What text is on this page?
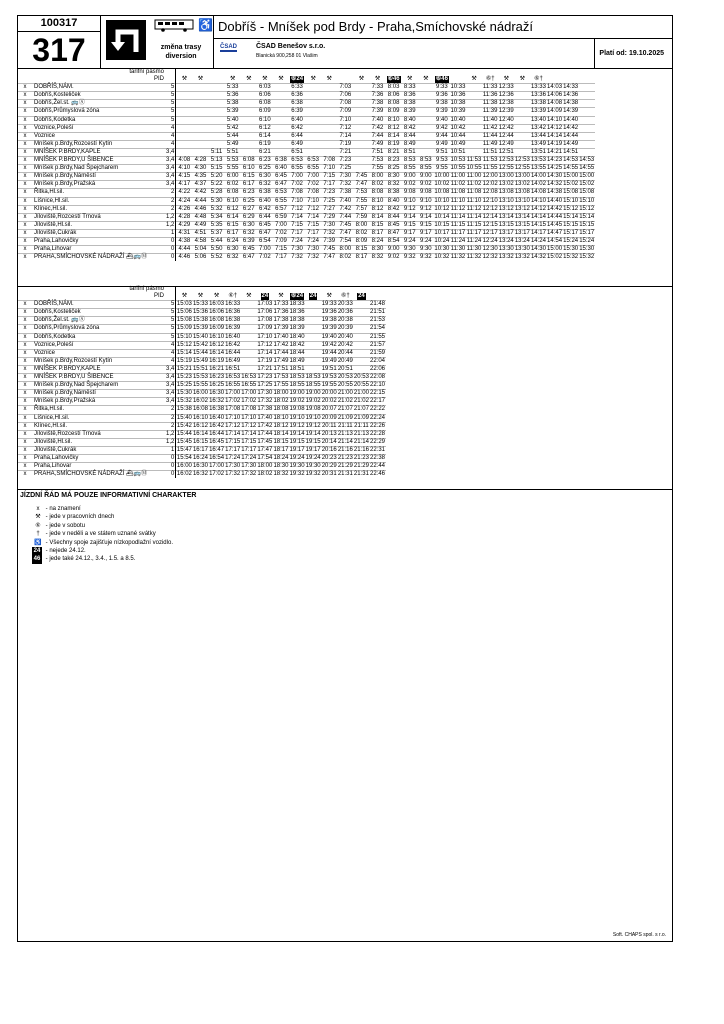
100317
317
♿
změna trasy
diversion
Dobříš - Mníšek pod Brdy - Praha,Smíchovské nádraží
ČSAD	ČSAD Benešov s.r.o.
Blanická 900,258 01 Vlašim	Platí od: 19.10.2025
	tarifní pásmo																											
	PID		⚒	⚒		⚒	⚒	⚒	⚒	⑥24	⚒	⚒		⚒	⚒	⑥46	⚒	⚒	⑥46		⚒	⑥†	⚒	⚒	⑥†			
x	DOBŘÍŠ,NÁM.	5				5:33		6:03		6:33			7:03		7:33	8:03	8:33		9:33	10:33		11:33	12:33		13:33	14:03	14:33	
x	Dobříš,Kosteliček	5				5:36		6:06		6:36			7:06		7:36	8:06	8:36		9:36	10:36		11:36	12:36		13:36	14:06	14:36	
x	Dobříš,Žel.st. 🚌Ⓢ	5				5:38		6:08		6:38			7:08		7:38	8:08	8:38		9:38	10:38		11:38	12:38		13:38	14:08	14:38	
x	Dobříš,Průmyslová zóna	5				5:39		6:09		6:39			7:09		7:39	8:09	8:39		9:39	10:39		11:39	12:39		13:39	14:09	14:39	
x	Dobříš,Kodetka	5				5:40		6:10		6:40			7:10		7:40	8:10	8:40		9:40	10:40		11:40	12:40		13:40	14:10	14:40	
x	Voznice,Poleší	4				5:42		6:12		6:42			7:12		7:42	8:12	8:42		9:42	10:42		11:42	12:42		13:42	14:12	14:42	
x	Voznice	4				5:44		6:14		6:44			7:14		7:44	8:14	8:44		9:44	10:44		11:44	12:44		13:44	14:14	14:44	
x	Mníšek p.Brdy,Rozcestí Kytín	4				5:49		6:19		6:49			7:19		7:49	8:19	8:49		9:49	10:49		11:49	12:49		13:49	14:19	14:49	
x	MNÍŠEK P.BRDY,KAPLE	3,4			5:11	5:51		6:21		6:51			7:21		7:51	8:21	8:51		9:51	10:51		11:51	12:51		13:51	14:21	14:51	
x	MNÍŠEK P.BRDY,U ŠIBENCE	3,4	4:08	4:28	5:13	5:53	6:08	6:23	6:38	6:53	6:53	7:08	7:23		7:53	8:23	8:53	8:53	9:53	10:53	11:53	11:53	12:53	12:53	13:53	14:23	14:53	14:53
x	Mníšek p.Brdy,Nad Špejcharem	3,4	4:10	4:30	5:15	5:55	6:10	6:25	6:40	6:55	6:55	7:10	7:25		7:55	8:25	8:55	8:55	9:55	10:55	10:55	11:55	12:55	12:55	13:55	14:25	14:55	14:55
x	Mníšek p.Brdy,Náměstí	3,4	4:15	4:35	5:20	6:00	6:15	6:30	6:45	7:00	7:00	7:15	7:30	7:45	8:00	8:30	9:00	9:00	10:00	11:00	11:00	12:00	13:00	13:00	14:00	14:30	15:00	15:00
x	Mníšek p.Brdy,Pražská	3,4	4:17	4:37	5:22	6:02	6:17	6:32	6:47	7:02	7:02	7:17	7:32	7:47	8:02	8:32	9:02	9:02	10:02	11:02	11:02	12:02	13:02	13:02	14:02	14:32	15:02	15:02
x	Řitka,Hl.sil.	2	4:22	4:42	5:28	6:08	6:23	6:38	6:53	7:08	7:08	7:23	7:38	7:53	8:08	8:38	9:08	9:08	10:08	11:08	11:08	12:08	13:08	13:08	14:08	14:38	15:08	15:08
x	Líšnice,Hl.sil.	2	4:24	4:44	5:30	6:10	6:25	6:40	6:55	7:10	7:10	7:25	7:40	7:55	8:10	8:40	9:10	9:10	10:10	11:10	11:10	12:10	13:10	13:10	14:10	14:40	15:10	15:10
x	Klínec,Hl.sil.	2	4:26	4:46	5:32	6:12	6:27	6:42	6:57	7:12	7:12	7:27	7:42	7:57	8:12	8:42	9:12	9:12	10:12	11:12	11:12	12:12	13:12	13:12	14:12	14:42	15:12	15:12
x	Jíloviště,Rozcestí Trnová	1,2	4:28	4:48	5:34	6:14	6:29	6:44	6:59	7:14	7:14	7:29	7:44	7:59	8:14	8:44	9:14	9:14	10:14	11:14	11:14	12:14	13:14	13:14	14:14	14:44	15:14	15:14
x	Jíloviště,Hl.sil.	1,2	4:29	4:49	5:35	6:15	6:30	6:45	7:00	7:15	7:15	7:30	7:45	8:00	8:15	8:45	9:15	9:15	10:15	11:15	11:15	12:15	13:15	13:15	14:15	14:45	15:15	15:15
x	Jíloviště,Cukrák	1	4:31	4:51	5:37	6:17	6:32	6:47	7:02	7:17	7:17	7:32	7:47	8:02	8:17	8:47	9:17	9:17	10:17	11:17	11:17	12:17	13:17	13:17	14:17	14:47	15:17	15:17
x	Praha,Lahovičky	0	4:38	4:58	5:44	6:24	6:39	6:54	7:09	7:24	7:24	7:39	7:54	8:09	8:24	8:54	9:24	9:24	10:24	11:24	11:24	12:24	13:24	13:24	14:24	14:54	15:24	15:24
x	Praha,Lihovar	0	4:44	5:04	5:50	6:30	6:45	7:00	7:15	7:30	7:30	7:45	8:00	8:15	8:30	9:00	9:30	9:30	10:30	11:30	11:30	12:30	13:30	13:30	14:30	15:00	15:30	15:30
x	PRAHA,SMÍCHOVSKÉ NÁDRAŽÍ ⛴🚌Ⓜ	0	4:46	5:06	5:52	6:32	6:47	7:02	7:17	7:32	7:32	7:47	8:02	8:17	8:32	9:02	9:32	9:32	10:32	11:32	11:32	12:32	13:32	13:32	14:32	15:02	15:32	15:32
	tarifní pásmo														
	PID		⚒	⚒	⚒	⑥†	⚒	24	⚒	⑥24	24	⚒	⑥†	24	
x	DOBŘÍŠ,NÁM.	5	15:03	15:33	16:03	16:33		17:03	17:33	18:33		19:33	20:33		21:48
x	Dobříš,Kosteliček	5	15:06	15:36	16:06	16:36		17:06	17:36	18:36		19:36	20:36		21:51
x	Dobříš,Žel.st. 🚌Ⓢ	5	15:08	15:38	16:08	16:38		17:08	17:38	18:38		19:38	20:38		21:53
x	Dobříš,Průmyslová zóna	5	15:09	15:39	16:09	16:39		17:09	17:39	18:39		19:39	20:39		21:54
x	Dobříš,Kodetka	5	15:10	15:40	16:10	16:40		17:10	17:40	18:40		19:40	20:40		21:55
x	Voznice,Poleší	4	15:12	15:42	16:12	16:42		17:12	17:42	18:42		19:42	20:42		21:57
x	Voznice	4	15:14	15:44	16:14	16:44		17:14	17:44	18:44		19:44	20:44		21:59
x	Mníšek p.Brdy,Rozcestí Kytín	4	15:19	15:49	16:19	16:49		17:19	17:49	18:49		19:49	20:49		22:04
x	MNÍŠEK P.BRDY,KAPLE	3,4	15:21	15:51	16:21	16:51		17:21	17:51	18:51		19:51	20:51		22:06
x	MNÍŠEK P.BRDY,U ŠIBENCE	3,4	15:23	15:53	16:23	16:53	16:53	17:23	17:53	18:53	18:53	19:53	20:53	20:53	22:08
x	Mníšek p.Brdy,Nad Špejcharem	3,4	15:25	15:55	16:25	16:55	16:55	17:25	17:55	18:55	18:55	19:55	20:55	20:55	22:10
x	Mníšek p.Brdy,Náměstí	3,4	15:30	16:00	16:30	17:00	17:00	17:30	18:00	19:00	19:00	20:00	21:00	21:00	22:15
x	Mníšek p.Brdy,Pražská	3,4	15:32	16:02	16:32	17:02	17:02	17:32	18:02	19:02	19:02	20:02	21:02	21:02	22:17
x	Řitka,Hl.sil.	2	15:38	16:08	16:38	17:08	17:08	17:38	18:08	19:08	19:08	20:07	21:07	21:07	22:22
x	Líšnice,Hl.sil.	2	15:40	16:10	16:40	17:10	17:10	17:40	18:10	19:10	19:10	20:09	21:09	21:09	22:24
x	Klínec,Hl.sil.	2	15:42	16:12	16:42	17:12	17:12	17:42	18:12	19:12	19:12	20:11	21:11	21:11	22:26
x	Jíloviště,Rozcestí Trnová	1,2	15:44	16:14	16:44	17:14	17:14	17:44	18:14	19:14	19:14	20:13	21:13	21:13	22:28
x	Jíloviště,Hl.sil.	1,2	15:45	16:15	16:45	17:15	17:15	17:45	18:15	19:15	19:15	20:14	21:14	21:14	22:29
x	Jíloviště,Cukrák	1	15:47	16:17	16:47	17:17	17:17	17:47	18:17	19:17	19:17	20:16	21:16	21:16	22:31
x	Praha,Lahovičky	0	15:54	16:24	16:54	17:24	17:24	17:54	18:24	19:24	19:24	20:23	21:23	21:23	22:38
x	Praha,Lihovar	0	16:00	16:30	17:00	17:30	17:30	18:00	18:30	19:30	19:30	20:29	21:29	21:29	22:44
x	PRAHA,SMÍCHOVSKÉ NÁDRAŽÍ ⛴🚌Ⓜ	0	16:02	16:32	17:02	17:32	17:32	18:02	18:32	19:32	19:32	20:31	21:31	21:31	22:46
JÍZDNÍ ŘÁD MÁ POUZE INFORMATIVNÍ CHARAKTER
x - na znamení
⚒ - jede v pracovních dnech
⑥ - jede v sobotu
† - jede v neděli a ve státem uznané svátky
♿ - Všechny spoje zajišťuje nízkopodlažní vozidlo.
24 - nejede 24.12.
46 - jede také 24.12., 3.4., 1.5. a 8.5.
Soft. CHAPS spol. s r.o.
